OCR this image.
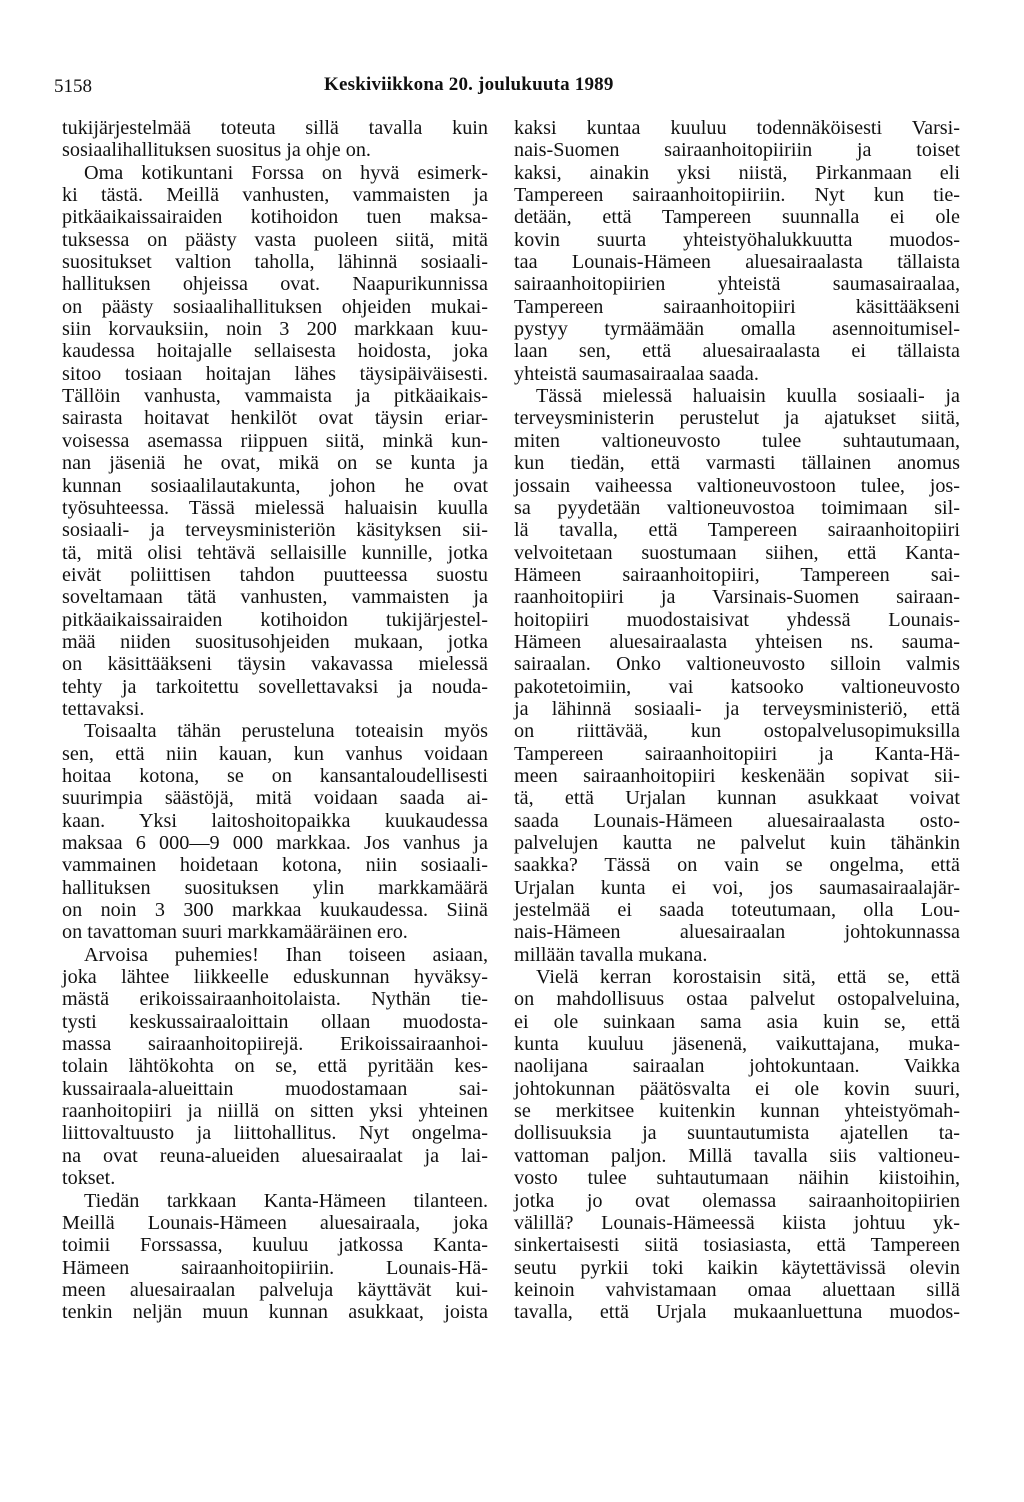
5158	Keskiviikkona 20. joulukuuta 1989
tukijärjestelmää toteuta sillä tavalla kuin
sosiaalihallituksen suositus ja ohje on.
Oma kotikuntani Forssa on hyvä esimerk-
ki tästä. Meillä vanhusten, vammaisten ja
pitkäaikaissairaiden kotihoidon tuen maksa-
tuksessa on päästy vasta puoleen siitä, mitä
suositukset valtion taholla, lähinnä sosiaali-
hallituksen ohjeissa ovat. Naapurikunnissa
on päästy sosiaalihallituksen ohjeiden mukai-
siin korvauksiin, noin 3 200 markkaan kuu-
kaudessa hoitajalle sellaisesta hoidosta, joka
sitoo tosiaan hoitajan lähes täysipäiväisesti.
Tällöin vanhusta, vammaista ja pitkäaikais-
sairasta hoitavat henkilöt ovat täysin eriar-
voisessa asemassa riippuen siitä, minkä kun-
nan jäseniä he ovat, mikä on se kunta ja
kunnan sosiaalilautakunta, johon he ovat
työsuhteessa. Tässä mielessä haluaisin kuulla
sosiaali- ja terveysministeriön käsityksen sii-
tä, mitä olisi tehtävä sellaisille kunnille, jotka
eivät poliittisen tahdon puutteessa suostu
soveltamaan tätä vanhusten, vammaisten ja
pitkäaikaissairaiden kotihoidon tukijärjestel-
mää niiden suositusohjeiden mukaan, jotka
on käsittääkseni täysin vakavassa mielessä
tehty ja tarkoitettu sovellettavaksi ja nouda-
tettavaksi.
Toisaalta tähän perusteluna toteaisin myös
sen, että niin kauan, kun vanhus voidaan
hoitaa kotona, se on kansantaloudellisesti
suurimpia säästöjä, mitä voidaan saada ai-
kaan. Yksi laitoshoitopaikka kuukaudessa
maksaa 6 000—9 000 markkaa. Jos vanhus ja
vammainen hoidetaan kotona, niin sosiaali-
hallituksen suosituksen ylin markkamäärä
on noin 3 300 markkaa kuukaudessa. Siinä
on tavattoman suuri markkamääräinen ero.
Arvoisa puhemies! Ihan toiseen asiaan,
joka lähtee liikkeelle eduskunnan hyväksy-
mästä erikoissairaanhoitolaista. Nythän tie-
tysti keskussairaaloittain ollaan muodosta-
massa sairaanhoitopiirejä. Erikoissairaanhoi-
tolain lähtökohta on se, että pyritään kes-
kussairaala-alueittain muodostamaan sai-
raanhoitopiiri ja niillä on sitten yksi yhteinen
liittovaltuusto ja liittohallitus. Nyt ongelma-
na ovat reuna-alueiden aluesairaalat ja lai-
tokset.
Tiedän tarkkaan Kanta-Hämeen tilanteen.
Meillä Lounais-Hämeen aluesairaala, joka
toimii Forssassa, kuuluu jatkossa Kanta-
Hämeen sairaanhoitopiiriin. Lounais-Hä-
meen aluesairaalan palveluja käyttävät kui-
tenkin neljän muun kunnan asukkaat, joista
kaksi kuntaa kuuluu todennäköisesti Varsi-
nais-Suomen sairaanhoitopiiriin ja toiset
kaksi, ainakin yksi niistä, Pirkanmaan eli
Tampereen sairaanhoitopiiriin. Nyt kun tie-
detään, että Tampereen suunnalla ei ole
kovin suurta yhteistyöhalukkuutta muodos-
taa Lounais-Hämeen aluesairaalasta tällaista
sairaanhoitopiirien yhteistä saumasairaalaa,
Tampereen sairaanhoitopiiri käsittääkseni
pystyy tyrmäämään omalla asennoitumisel-
laan sen, että aluesairaalasta ei tällaista
yhteistä saumasairaalaa saada.
Tässä mielessä haluaisin kuulla sosiaali- ja
terveysministerin perustelut ja ajatukset siitä,
miten valtioneuvosto tulee suhtautumaan,
kun tiedän, että varmasti tällainen anomus
jossain vaiheessa valtioneuvostoon tulee, jos-
sa pyydetään valtioneuvostoa toimimaan sil-
lä tavalla, että Tampereen sairaanhoitopiiri
velvoitetaan suostumaan siihen, että Kanta-
Hämeen sairaanhoitopiiri, Tampereen sai-
raanhoitopiiri ja Varsinais-Suomen sairaan-
hoitopiiri muodostaisivat yhdessä Lounais-
Hämeen aluesairaalasta yhteisen ns. sauma-
sairaalan. Onko valtioneuvosto silloin valmis
pakotetoimiin, vai katsooko valtioneuvosto
ja lähinnä sosiaali- ja terveysministeriö, että
on riittävää, kun ostopalvelusopimuksilla
Tampereen sairaanhoitopiiri ja Kanta-Hä-
meen sairaanhoitopiiri keskenään sopivat sii-
tä, että Urjalan kunnan asukkaat voivat
saada Lounais-Hämeen aluesairaalasta osto-
palvelujen kautta ne palvelut kuin tähänkin
saakka? Tässä on vain se ongelma, että
Urjalan kunta ei voi, jos saumasairaalajär-
jestelmää ei saada toteutumaan, olla Lou-
nais-Hämeen aluesairaalan johtokunnassa
millään tavalla mukana.
Vielä kerran korostaisin sitä, että se, että
on mahdollisuus ostaa palvelut ostopalveluina,
ei ole suinkaan sama asia kuin se, että
kunta kuuluu jäsenenä, vaikuttajana, muka-
naolijana sairaalan johtokuntaan. Vaikka
johtokunnan päätösvalta ei ole kovin suuri,
se merkitsee kuitenkin kunnan yhteistyömah-
dollisuuksia ja suuntautumista ajatellen ta-
vattoman paljon. Millä tavalla siis valtioneu-
vosto tulee suhtautumaan näihin kiistoihin,
jotka jo ovat olemassa sairaanhoitopiirien
välillä? Lounais-Hämeessä kiista johtuu yk-
sinkertaisesti siitä tosiasiasta, että Tampereen
seutu pyrkii toki kaikin käytettävissä olevin
keinoin vahvistamaan omaa aluettaan sillä
tavalla, että Urjala mukaanluettuna muodos-
